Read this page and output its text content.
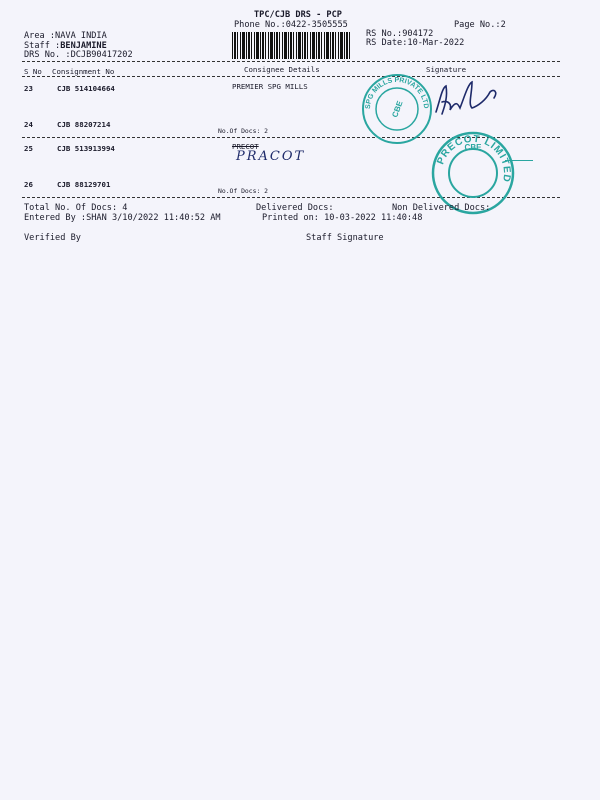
TPC/CJB DRS - PCP
Phone No.:0422-3505555	Page No.:2
Area :NAVA INDIA
Staff :BENJAMINE
DRS No. :DCJB90417202
RS No.:904172
RS Date:10-Mar-2022
S No Consignment No	Consignee Details	Signature
23	CJB 514104664	PREMIER SPG MILLS
24	CJB 88207214
No.Of Docs: 2
25	CJB 513913994	PRECOT
PRACOT
26	CJB 88129701
No.Of Docs: 2
SPG MILLS PRIVATE LTD
CBE
PRECOT LIMITED
CBE
Total No. Of Docs: 4	Delivered Docs:	Non Delivered Docs:
Entered By :SHAN 3/10/2022 11:40:52 AM	Printed on: 10-03-2022 11:40:48
Verified By	Staff Signature
